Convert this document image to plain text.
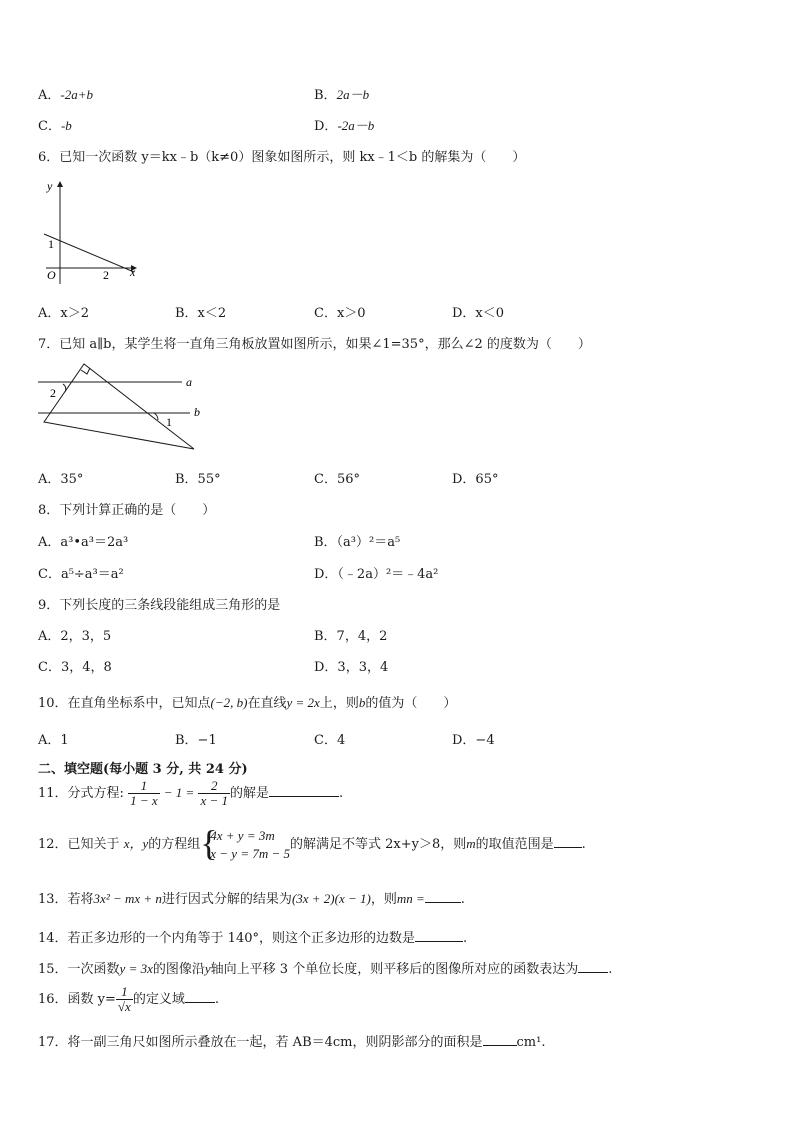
A．-2a+b	B．2a－b
C．-b	D．-2a－b
6．已知一次函数 y＝kx﹣b（k≠0）图象如图所示，则 kx﹣1＜b 的解集为（　　）
y
x
O
1
2
A．x＞2	B．x＜2	C．x＞0	D．x＜0
7．已知 a∥b，某学生将一直角三角板放置如图所示，如果∠1=35°，那么∠2 的度数为（　　）
a
b
2
1
A．35°	B．55°	C．56°	D．65°
8．下列计算正确的是（　　）
A．a³•a³＝2a³	B．（a³）²＝a⁵
C．a⁵÷a³＝a²	D．（﹣2a）²＝﹣4a²
9．下列长度的三条线段能组成三角形的是
A．2，3，5	B．7，4，2
C．3，4，8	D．3，3，4
10．在直角坐标系中，已知点(−2, b)在直线y = 2x上，则b的值为（　　）
A．1	B．−1	C．4	D．−4
二、填空题(每小题 3 分, 共 24 分)
11．分式方程: $\frac{1}{1 - x} - 1 = \frac{2}{x - 1}$ 的解是	.
12．已知关于 x，y的方程组 {
4x + y = 3m
x − y = 7m − 5
的解满足不等式 2x+y＞8，则m的取值范围是 .
13．若将3x² − mx + n进行因式分解的结果为(3x + 2)(x − 1)，则mn =	.
14．若正多边形的一个内角等于 140°，则这个正多边形的边数是	.
15．一次函数y = 3x的图像沿y轴向上平移 3 个单位长度，则平移后的图像所对应的函数表达为 .
16．函数 $y= \frac{1}{√x}$ 的定义域 .
17．将一副三角尺如图所示叠放在一起，若 AB＝4cm，则阴影部分的面积是	cm¹.
